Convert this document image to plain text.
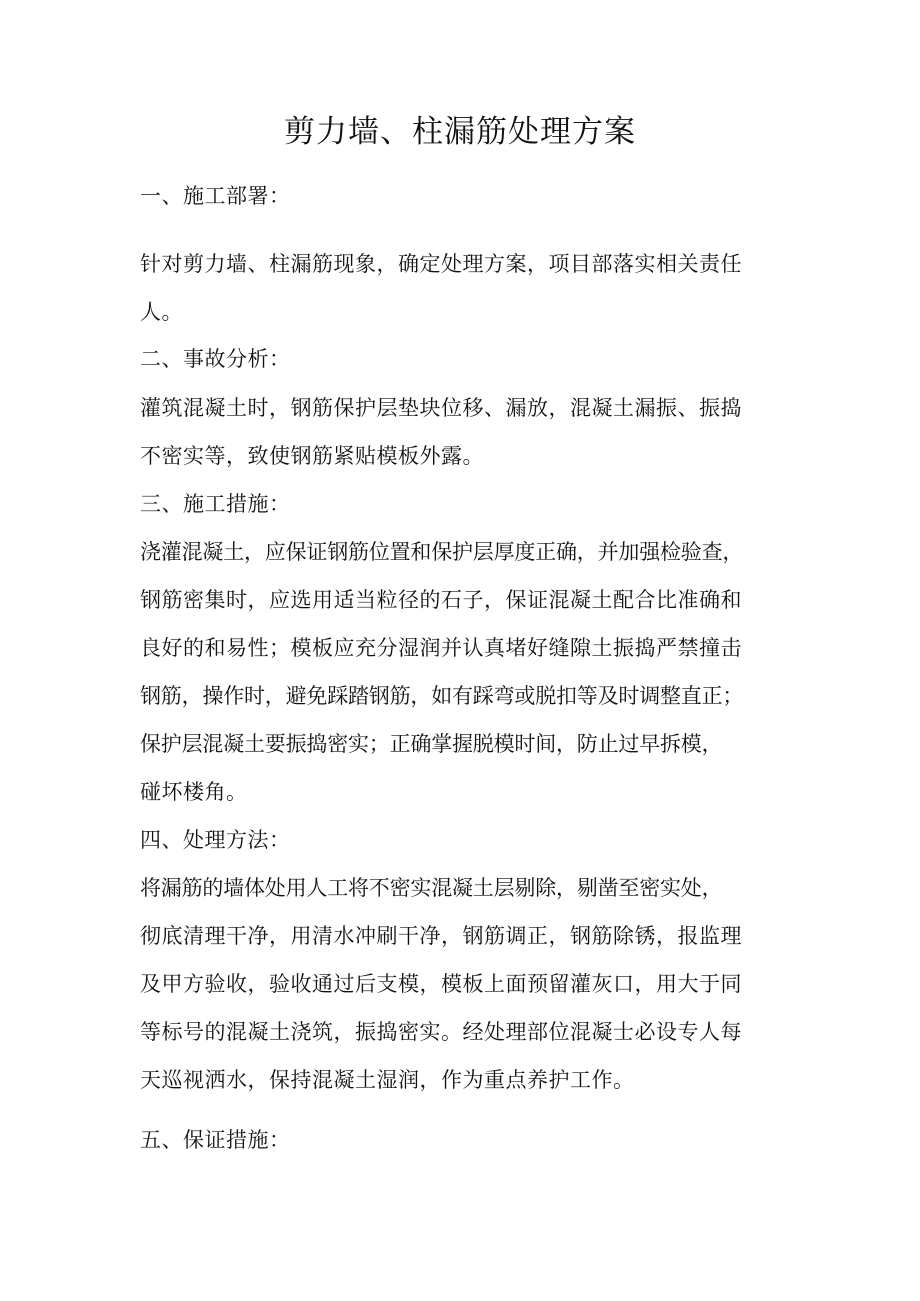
剪力墙、柱漏筋处理方案
一、施工部署：
针对剪力墙、柱漏筋现象，确定处理方案，项目部落实相关责任
人。
二、事故分析：
灌筑混凝土时，钢筋保护层垫块位移、漏放，混凝土漏振、振捣
不密实等，致使钢筋紧贴模板外露。
三、施工措施：
浇灌混凝土，应保证钢筋位置和保护层厚度正确，并加强检验查，
钢筋密集时，应选用适当粒径的石子，保证混凝土配合比准确和
良好的和易性；模板应充分湿润并认真堵好缝隙土振捣严禁撞击
钢筋，操作时，避免踩踏钢筋，如有踩弯或脱扣等及时调整直正；
保护层混凝土要振捣密实；正确掌握脱模时间，防止过早拆模，
碰坏楼角。
四、处理方法：
将漏筋的墙体处用人工将不密实混凝土层剔除，剔凿至密实处，
彻底清理干净，用清水冲刷干净，钢筋调正，钢筋除锈，报监理
及甲方验收，验收通过后支模，模板上面预留灌灰口，用大于同
等标号的混凝土浇筑，振捣密实。经处理部位混凝士必设专人每
天巡视洒水，保持混凝土湿润，作为重点养护工作。
五、保证措施：
